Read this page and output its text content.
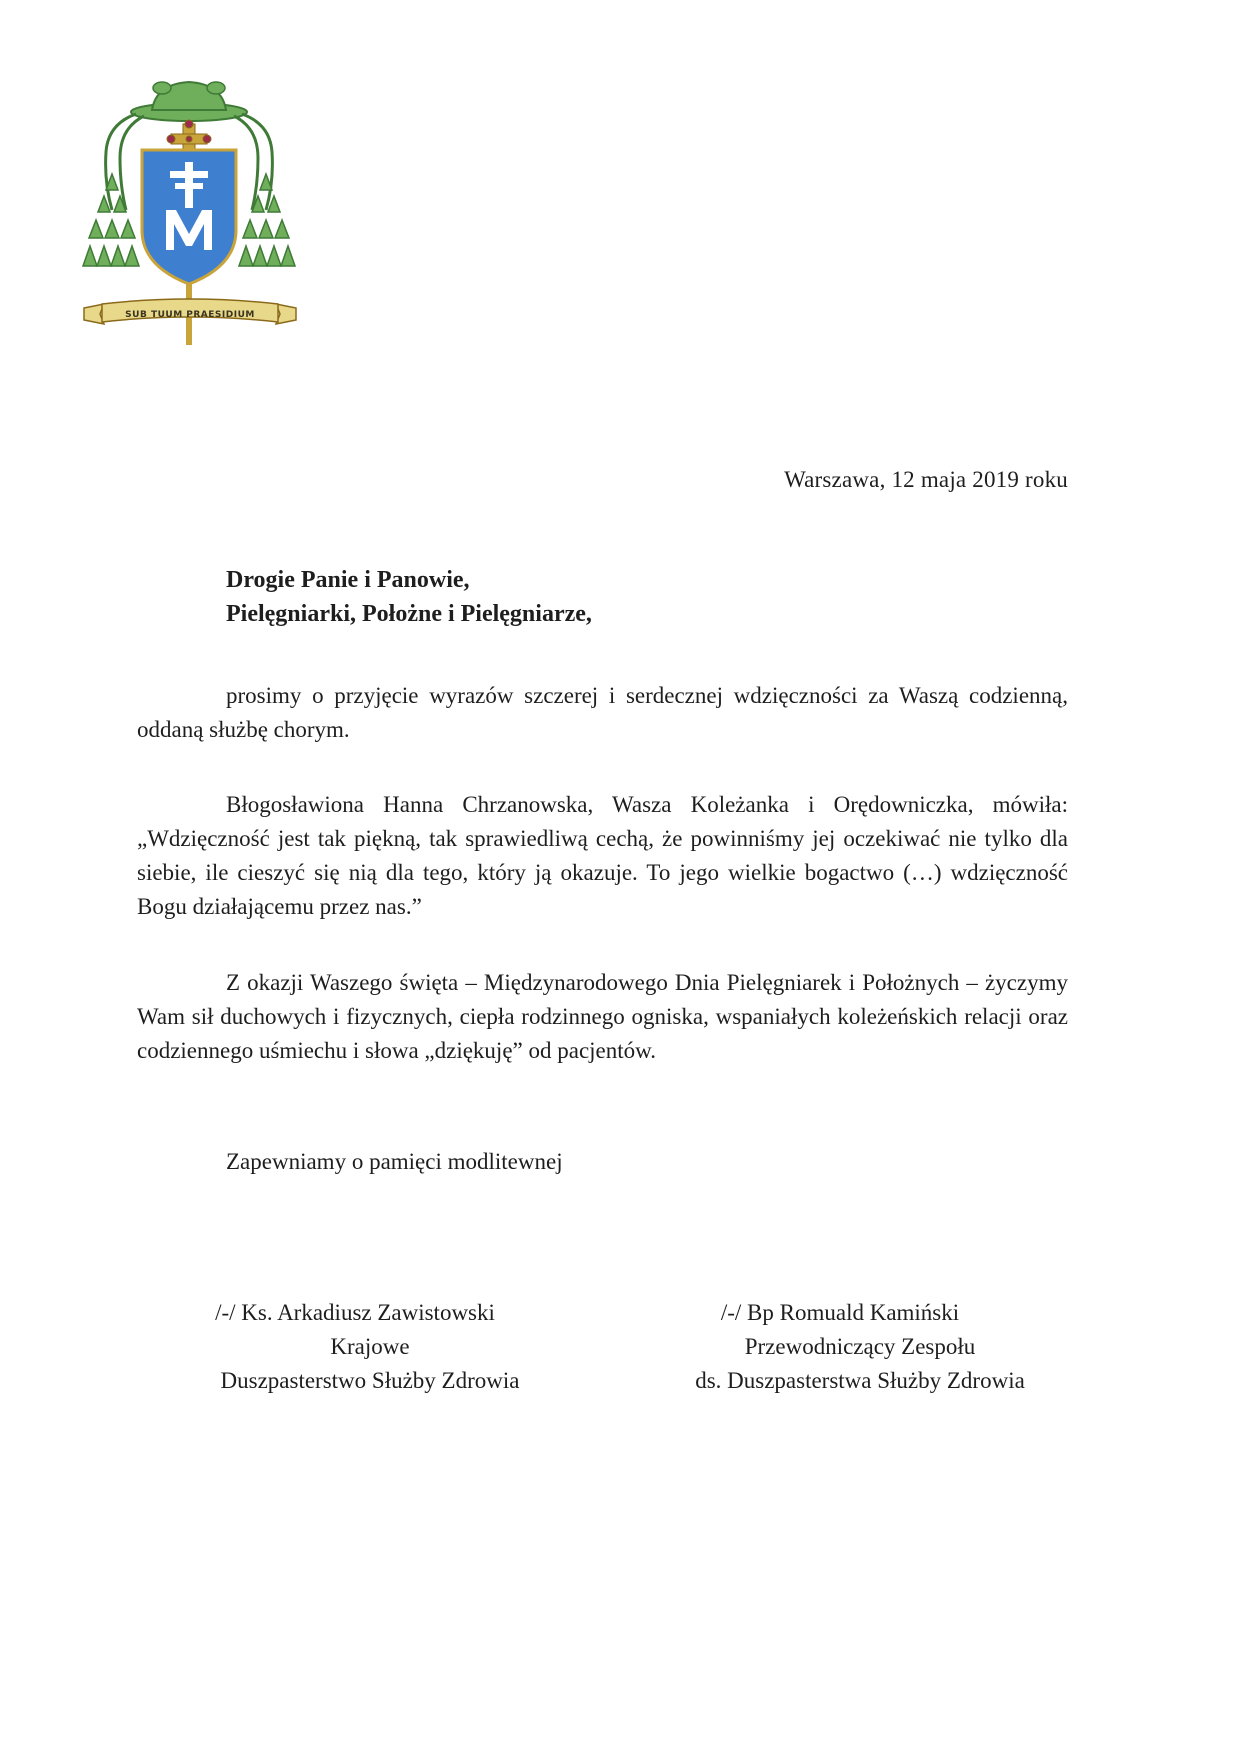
SUB TUUM PRAESIDIUM
Warszawa, 12 maja 2019 roku
Drogie Panie i Panowie,
Pielęgniarki, Położne i Pielęgniarze,

prosimy o przyjęcie wyrazów szczerej i serdecznej wdzięczności za Waszą codzienną, oddaną służbę chorym.

Błogosławiona Hanna Chrzanowska, Wasza Koleżanka i Orędowniczka, mówiła: „Wdzięczność jest tak piękną, tak sprawiedliwą cechą, że powinniśmy jej oczekiwać nie tylko dla siebie, ile cieszyć się nią dla tego, który ją okazuje. To jego wielkie bogactwo (…) wdzięczność Bogu działającemu przez nas.”

Z okazji Waszego święta – Międzynarodowego Dnia Pielęgniarek i Położnych – życzymy Wam sił duchowych i fizycznych, ciepła rodzinnego ogniska, wspaniałych koleżeńskich relacji oraz codziennego uśmiechu i słowa „dziękuję” od pacjentów.

Zapewniamy o pamięci modlitewnej
/-/ Ks. Arkadiusz Zawistowski
Krajowe
Duszpasterstwo Służby Zdrowia
/-/ Bp Romuald Kamiński
Przewodniczący Zespołu
ds. Duszpasterstwa Służby Zdrowia
